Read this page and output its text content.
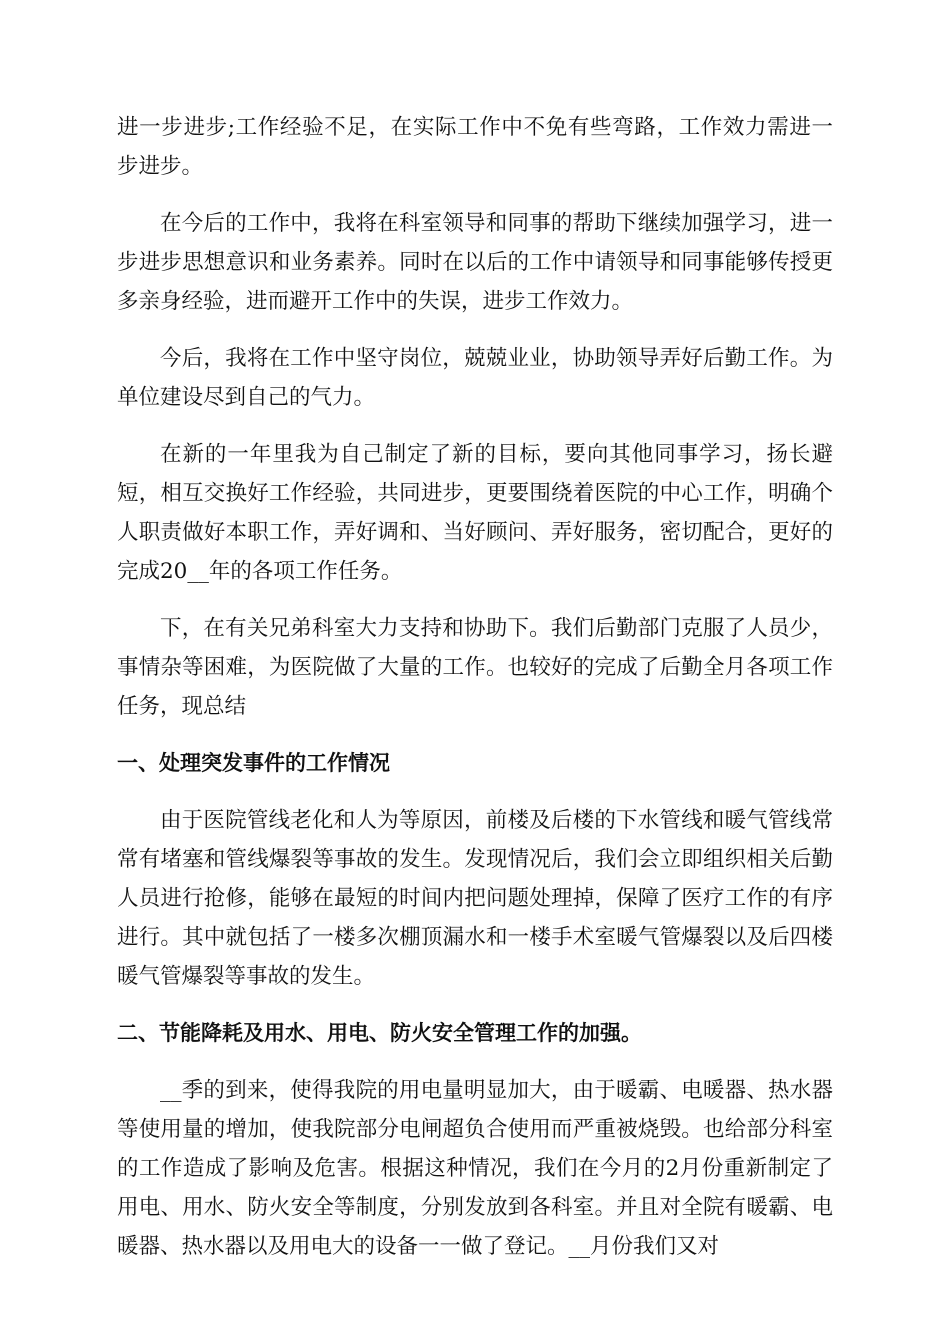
进一步进步;工作经验不足，在实际工作中不免有些弯路，工作效力需进一步进步。

在今后的工作中，我将在科室领导和同事的帮助下继续加强学习，进一步进步思想意识和业务素养。同时在以后的工作中请领导和同事能够传授更多亲身经验，进而避开工作中的失误，进步工作效力。

今后，我将在工作中坚守岗位，兢兢业业，协助领导弄好后勤工作。为单位建设尽到自己的气力。

在新的一年里我为自己制定了新的目标，要向其他同事学习，扬长避短，相互交换好工作经验，共同进步，更要围绕着医院的中心工作，明确个人职责做好本职工作，弄好调和、当好顾问、弄好服务，密切配合，更好的完成20__年的各项工作任务。

下，在有关兄弟科室大力支持和协助下。我们后勤部门克服了人员少，事情杂等困难，为医院做了大量的工作。也较好的完成了后勤全月各项工作任务，现总结

一、处理突发事件的工作情况

由于医院管线老化和人为等原因，前楼及后楼的下水管线和暖气管线常常有堵塞和管线爆裂等事故的发生。发现情况后，我们会立即组织相关后勤人员进行抢修，能够在最短的时间内把问题处理掉，保障了医疗工作的有序进行。其中就包括了一楼多次棚顶漏水和一楼手术室暖气管爆裂以及后四楼暖气管爆裂等事故的发生。

二、节能降耗及用水、用电、防火安全管理工作的加强。

__季的到来，使得我院的用电量明显加大，由于暖霸、电暖器、热水器等使用量的增加，使我院部分电闸超负合使用而严重被烧毁。也给部分科室的工作造成了影响及危害。根据这种情况，我们在今月的2月份重新制定了用电、用水、防火安全等制度，分别发放到各科室。并且对全院有暖霸、电暖器、热水器以及用电大的设备一一做了登记。__月份我们又对
